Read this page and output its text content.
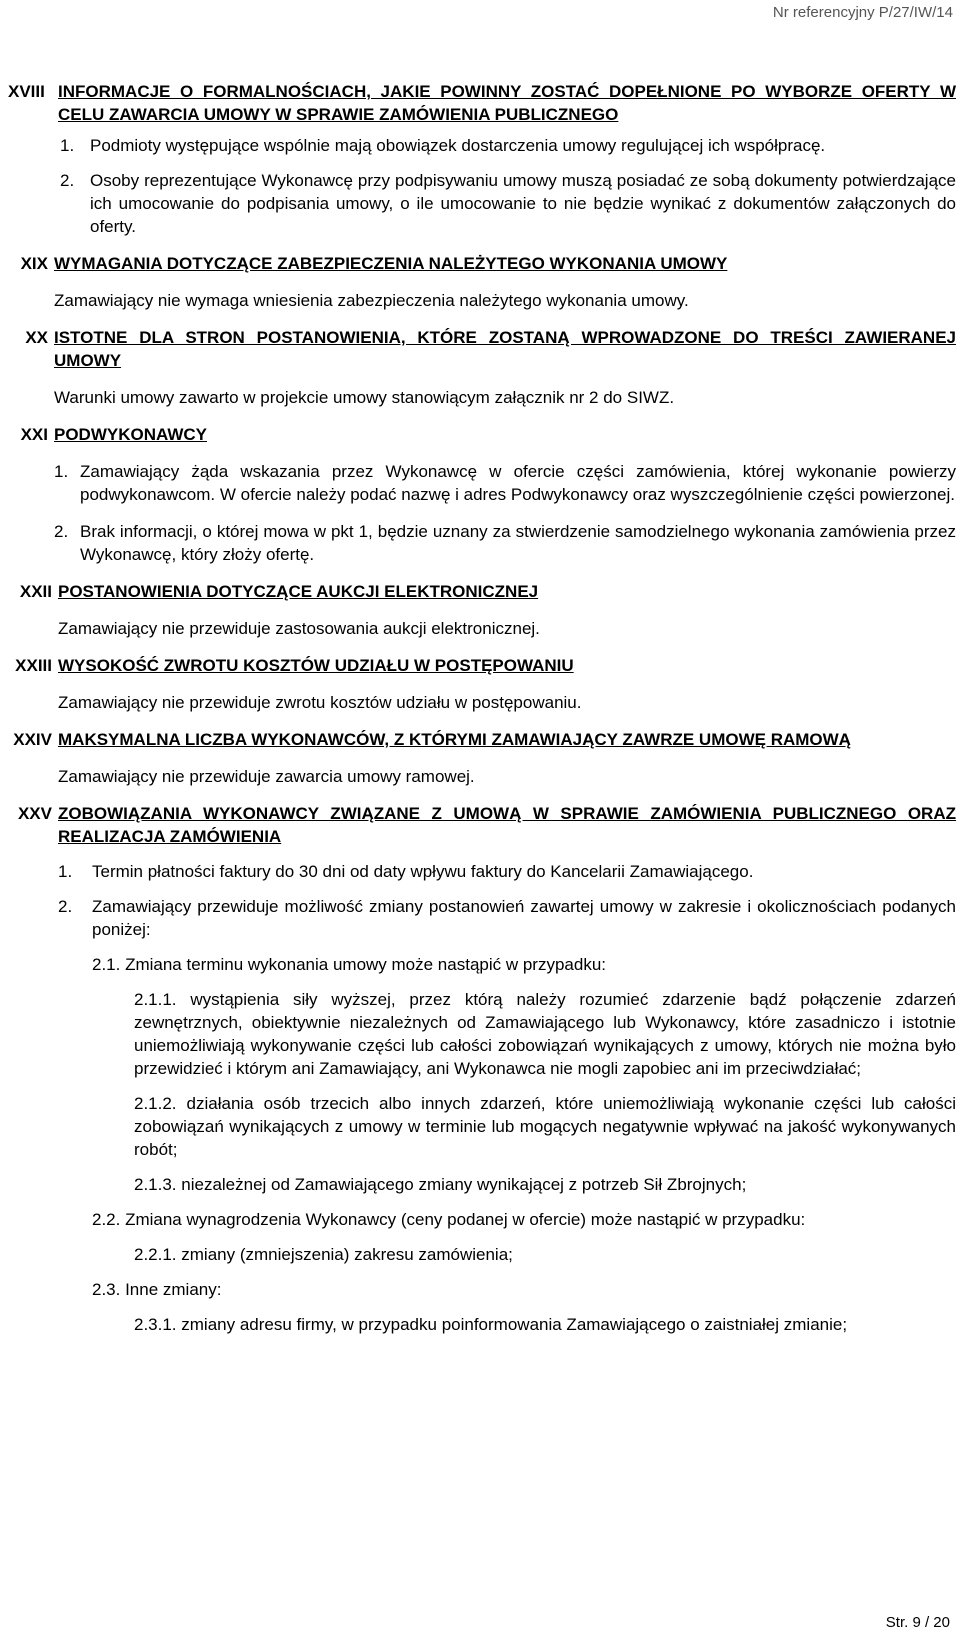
Nr referencyjny P/27/IW/14
XVIII INFORMACJE O FORMALNOŚCIACH, JAKIE POWINNY ZOSTAĆ DOPEŁNIONE PO WYBORZE OFERTY W CELU ZAWARCIA UMOWY W SPRAWIE ZAMÓWIENIA PUBLICZNEGO
1. Podmioty występujące wspólnie mają obowiązek dostarczenia umowy regulującej ich współpracę.
2. Osoby reprezentujące Wykonawcę przy podpisywaniu umowy muszą posiadać ze sobą dokumenty potwierdzające ich umocowanie do podpisania umowy, o ile umocowanie to nie będzie wynikać z dokumentów załączonych do oferty.
XIX WYMAGANIA DOTYCZĄCE ZABEZPIECZENIA NALEŻYTEGO WYKONANIA UMOWY
Zamawiający nie wymaga wniesienia zabezpieczenia należytego wykonania umowy.
XX ISTOTNE DLA STRON POSTANOWIENIA, KTÓRE ZOSTANĄ WPROWADZONE DO TREŚCI ZAWIERANEJ UMOWY
Warunki umowy zawarto w projekcie umowy stanowiącym załącznik nr 2 do SIWZ.
XXI PODWYKONAWCY
1. Zamawiający żąda wskazania przez Wykonawcę w ofercie części zamówienia, której wykonanie powierzy podwykonawcom. W ofercie należy podać nazwę i adres Podwykonawcy oraz wyszczególnienie części powierzonej.
2. Brak informacji, o której mowa w pkt 1, będzie uznany za stwierdzenie samodzielnego wykonania zamówienia przez Wykonawcę, który złoży ofertę.
XXII POSTANOWIENIA DOTYCZĄCE AUKCJI ELEKTRONICZNEJ
Zamawiający nie przewiduje zastosowania aukcji elektronicznej.
XXIII WYSOKOŚĆ ZWROTU KOSZTÓW UDZIAŁU W POSTĘPOWANIU
Zamawiający nie przewiduje zwrotu kosztów udziału w postępowaniu.
XXIV MAKSYMALNA LICZBA WYKONAWCÓW, Z KTÓRYMI ZAMAWIAJĄCY ZAWRZE UMOWĘ RAMOWĄ
Zamawiający nie przewiduje zawarcia umowy ramowej.
XXV ZOBOWIĄZANIA WYKONAWCY ZWIĄZANE Z UMOWĄ W SPRAWIE ZAMÓWIENIA PUBLICZNEGO ORAZ REALIZACJA ZAMÓWIENIA
1.	Termin płatności faktury do 30 dni od daty wpływu faktury do Kancelarii Zamawiającego.
2.	Zamawiający przewiduje możliwość zmiany postanowień zawartej umowy w zakresie i okolicznościach podanych poniżej:
2.1. Zmiana terminu wykonania umowy może nastąpić w przypadku:
2.1.1. wystąpienia siły wyższej, przez którą należy rozumieć zdarzenie bądź połączenie zdarzeń zewnętrznych, obiektywnie niezależnych od Zamawiającego lub Wykonawcy, które zasadniczo i istotnie uniemożliwiają wykonywanie części lub całości zobowiązań wynikających z umowy, których nie można było przewidzieć i którym ani Zamawiający, ani Wykonawca nie mogli zapobiec ani im przeciwdziałać;
2.1.2. działania osób trzecich albo innych zdarzeń, które uniemożliwiają wykonanie części lub całości zobowiązań wynikających z umowy w terminie lub mogących negatywnie wpływać na jakość wykonywanych robót;
2.1.3. niezależnej od Zamawiającego zmiany wynikającej z potrzeb Sił Zbrojnych;
2.2. Zmiana wynagrodzenia Wykonawcy (ceny podanej w ofercie) może nastąpić w przypadku:
2.2.1. zmiany (zmniejszenia) zakresu zamówienia;
2.3. Inne zmiany:
2.3.1. zmiany adresu firmy, w przypadku poinformowania Zamawiającego o zaistniałej zmianie;
Str. 9 / 20
